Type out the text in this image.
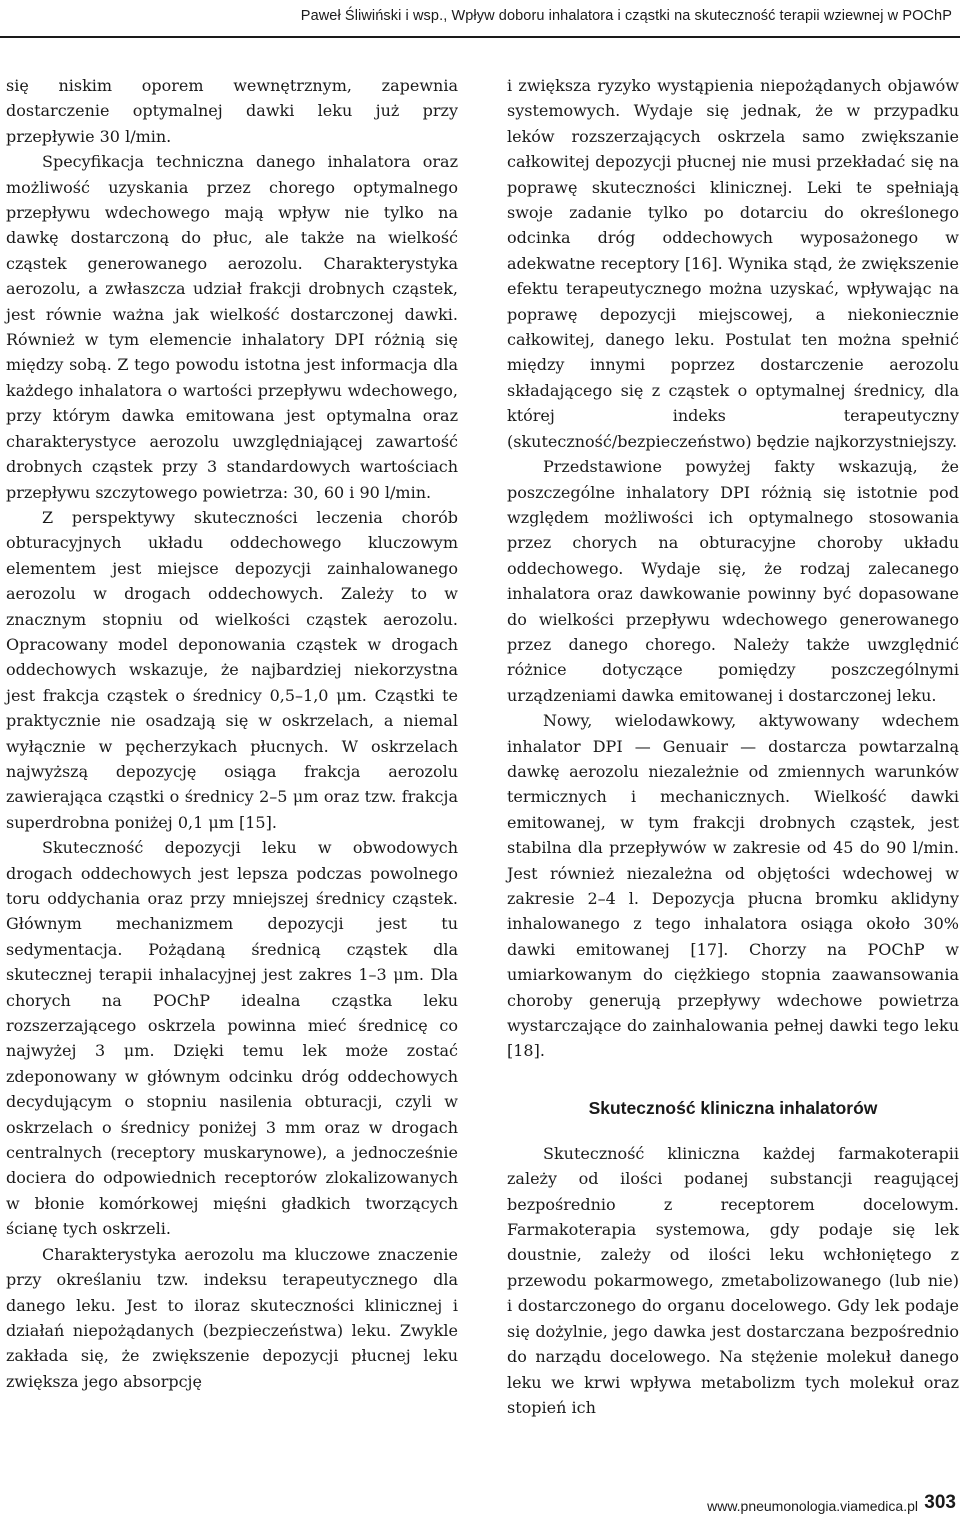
Paweł Śliwiński i wsp., Wpływ doboru inhalatora i cząstki na skuteczność terapii wziewnej w POChP

się niskim oporem wewnętrznym, zapewnia dostarczenie optymalnej dawki leku już przy przepływie 30 l/min.

Specyfikacja techniczna danego inhalatora oraz możliwość uzyskania przez chorego optymalnego przepływu wdechowego mają wpływ nie tylko na dawkę dostarczoną do płuc, ale także na wielkość cząstek generowanego aerozolu. Charakterystyka aerozolu, a zwłaszcza udział frakcji drobnych cząstek, jest równie ważna jak wielkość dostarczonej dawki. Również w tym elemencie inhalatory DPI różnią się między sobą. Z tego powodu istotna jest informacja dla każdego inhalatora o wartości przepływu wdechowego, przy którym dawka emitowana jest optymalna oraz charakterystyce aerozolu uwzględniającej zawartość drobnych cząstek przy 3 standardowych wartościach przepływu szczytowego powietrza: 30, 60 i 90 l/min.

Z perspektywy skuteczności leczenia chorób obturacyjnych układu oddechowego kluczowym elementem jest miejsce depozycji zainhalowanego aerozolu w drogach oddechowych. Zależy to w znacznym stopniu od wielkości cząstek aerozolu. Opracowany model deponowania cząstek w drogach oddechowych wskazuje, że najbardziej niekorzystna jest frakcja cząstek o średnicy 0,5–1,0 μm. Cząstki te praktycznie nie osadzają się w oskrzelach, a niemal wyłącznie w pęcherzykach płucnych. W oskrzelach najwyższą depozycję osiąga frakcja aerozolu zawierająca cząstki o średnicy 2–5 μm oraz tzw. frakcja superdrobna poniżej 0,1 μm [15].

Skuteczność depozycji leku w obwodowych drogach oddechowych jest lepsza podczas powolnego toru oddychania oraz przy mniejszej średnicy cząstek. Głównym mechanizmem depozycji jest tu sedymentacja. Pożądaną średnicą cząstek dla skutecznej terapii inhalacyjnej jest zakres 1–3 μm. Dla chorych na POChP idealna cząstka leku rozszerzającego oskrzela powinna mieć średnicę co najwyżej 3 μm. Dzięki temu lek może zostać zdeponowany w głównym odcinku dróg oddechowych decydującym o stopniu nasilenia obturacji, czyli w oskrzelach o średnicy poniżej 3 mm oraz w drogach centralnych (receptory muskarynowe), a jednocześnie dociera do odpowiednich receptorów zlokalizowanych w błonie komórkowej mięśni gładkich tworzących ścianę tych oskrzeli.

Charakterystyka aerozolu ma kluczowe znaczenie przy określaniu tzw. indeksu terapeutycznego dla danego leku. Jest to iloraz skuteczności klinicznej i działań niepożądanych (bezpieczeństwa) leku. Zwykle zakłada się, że zwiększenie depozycji płucnej leku zwiększa jego absorpcję

i zwiększa ryzyko wystąpienia niepożądanych objawów systemowych. Wydaje się jednak, że w przypadku leków rozszerzających oskrzela samo zwiększanie całkowitej depozycji płucnej nie musi przekładać się na poprawę skuteczności klinicznej. Leki te spełniają swoje zadanie tylko po dotarciu do określonego odcinka dróg oddechowych wyposażonego w adekwatne receptory [16]. Wynika stąd, że zwiększenie efektu terapeutycznego można uzyskać, wpływając na poprawę depozycji miejscowej, a niekoniecznie całkowitej, danego leku. Postulat ten można spełnić między innymi poprzez dostarczenie aerozolu składającego się z cząstek o optymalnej średnicy, dla której indeks terapeutyczny (skuteczność/bezpieczeństwo) będzie najkorzystniejszy.

Przedstawione powyżej fakty wskazują, że poszczególne inhalatory DPI różnią się istotnie pod względem możliwości ich optymalnego stosowania przez chorych na obturacyjne choroby układu oddechowego. Wydaje się, że rodzaj zalecanego inhalatora oraz dawkowanie powinny być dopasowane do wielkości przepływu wdechowego generowanego przez danego chorego. Należy także uwzględnić różnice dotyczące pomiędzy poszczególnymi urządzeniami dawka emitowanej i dostarczonej leku.

Nowy, wielodawkowy, aktywowany wdechem inhalator DPI — Genuair — dostarcza powtarzalną dawkę aerozolu niezależnie od zmiennych warunków termicznych i mechanicznych. Wielkość dawki emitowanej, w tym frakcji drobnych cząstek, jest stabilna dla przepływów w zakresie od 45 do 90 l/min. Jest również niezależna od objętości wdechowej w zakresie 2–4 l. Depozycja płucna bromku aklidyny inhalowanego z tego inhalatora osiąga około 30% dawki emitowanej [17]. Chorzy na POChP w umiarkowanym do ciężkiego stopnia zaawansowania choroby generują przepływy wdechowe powietrza wystarczające do zainhalowania pełnej dawki tego leku [18].

Skuteczność kliniczna inhalatorów

Skuteczność kliniczna każdej farmakoterapii zależy od ilości podanej substancji reagującej bezpośrednio z receptorem docelowym. Farmakoterapia systemowa, gdy podaje się lek doustnie, zależy od ilości leku wchłoniętego z przewodu pokarmowego, zmetabolizowanego (lub nie) i dostarczonego do organu docelowego. Gdy lek podaje się dożylnie, jego dawka jest dostarczana bezpośrednio do narządu docelowego. Na stężenie molekuł danego leku we krwi wpływa metabolizm tych molekuł oraz stopień ich

www.pneumonologia.viamedica.pl 303
